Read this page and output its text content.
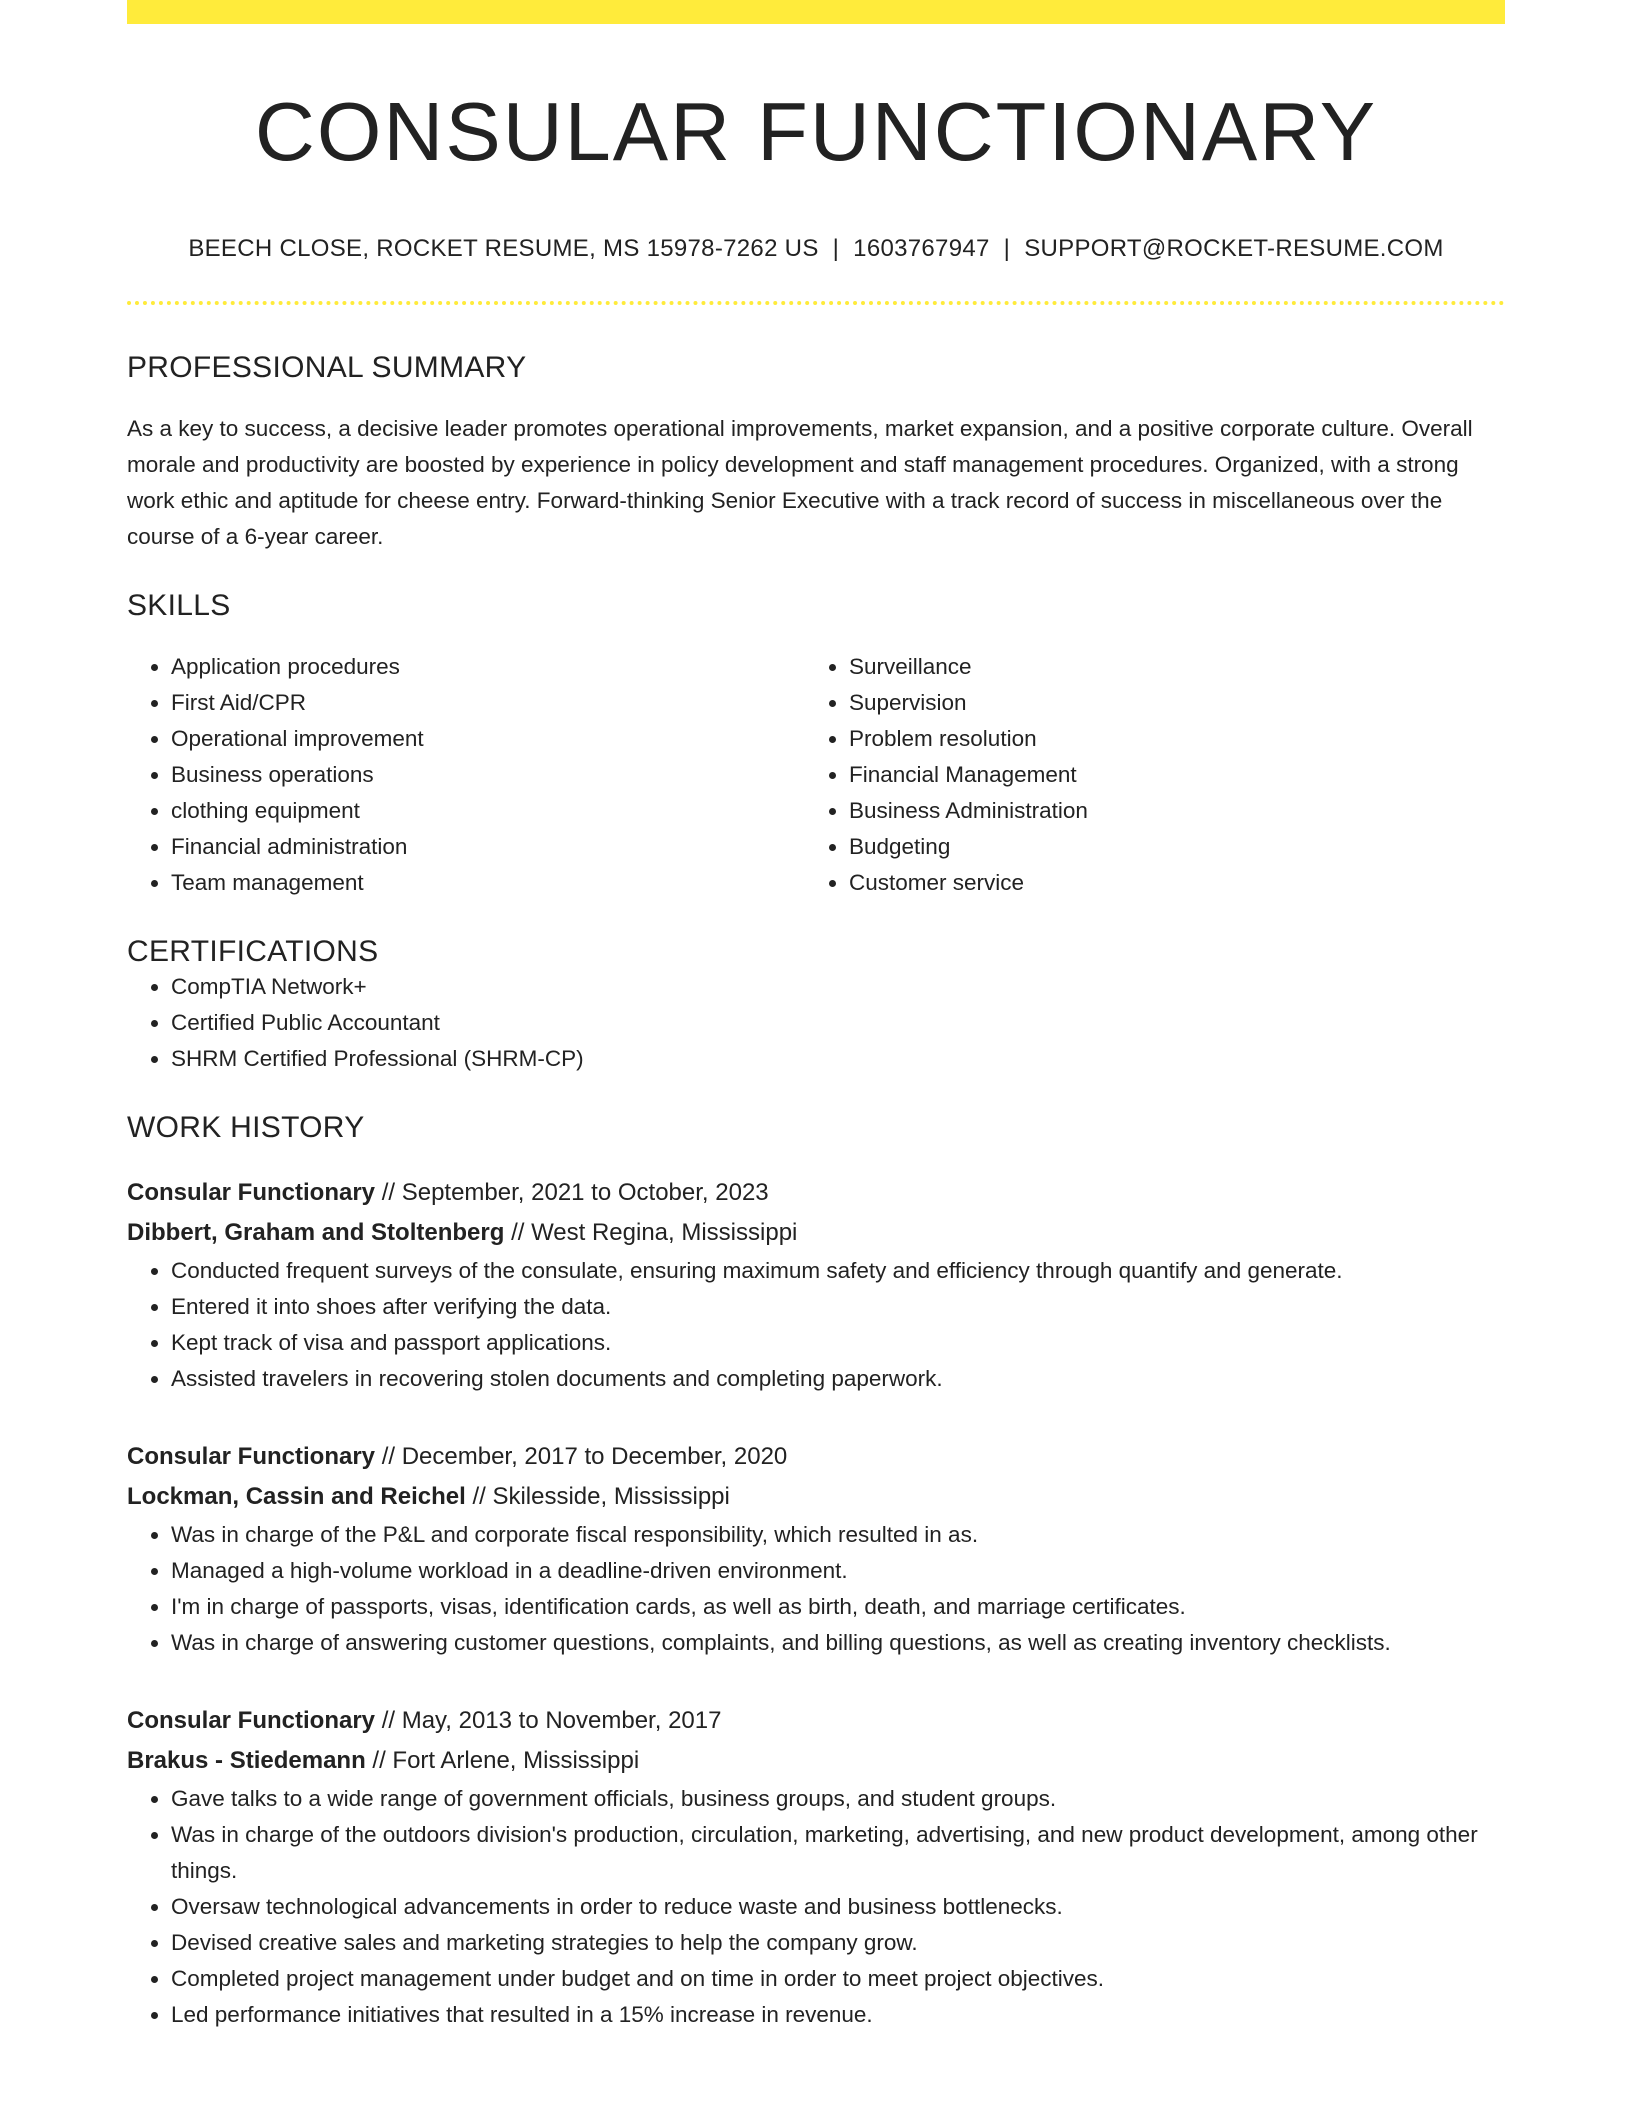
CONSULAR FUNCTIONARY
BEECH CLOSE, ROCKET RESUME, MS 15978-7262 US | 1603767947 | SUPPORT@ROCKET-RESUME.COM
PROFESSIONAL SUMMARY

As a key to success, a decisive leader promotes operational improvements, market expansion, and a positive corporate culture. Overall morale and productivity are boosted by experience in policy development and staff management procedures. Organized, with a strong work ethic and aptitude for cheese entry. Forward-thinking Senior Executive with a track record of success in miscellaneous over the course of a 6-year career.

SKILLS
• Application procedures
• First Aid/CPR
• Operational improvement
• Business operations
• clothing equipment
• Financial administration
• Team management
• Surveillance
• Supervision
• Problem resolution
• Financial Management
• Business Administration
• Budgeting
• Customer service
CERTIFICATIONS
• CompTIA Network+
• Certified Public Accountant
• SHRM Certified Professional (SHRM-CP)
WORK HISTORY
Consular Functionary // September, 2021 to October, 2023
Dibbert, Graham and Stoltenberg // West Regina, Mississippi
• Conducted frequent surveys of the consulate, ensuring maximum safety and efficiency through quantify and generate.
• Entered it into shoes after verifying the data.
• Kept track of visa and passport applications.
• Assisted travelers in recovering stolen documents and completing paperwork.
Consular Functionary // December, 2017 to December, 2020
Lockman, Cassin and Reichel // Skilesside, Mississippi
• Was in charge of the P&L and corporate fiscal responsibility, which resulted in as.
• Managed a high-volume workload in a deadline-driven environment.
• I'm in charge of passports, visas, identification cards, as well as birth, death, and marriage certificates.
• Was in charge of answering customer questions, complaints, and billing questions, as well as creating inventory checklists.
Consular Functionary // May, 2013 to November, 2017
Brakus - Stiedemann // Fort Arlene, Mississippi
• Gave talks to a wide range of government officials, business groups, and student groups.
• Was in charge of the outdoors division's production, circulation, marketing, advertising, and new product development, among other things.
• Oversaw technological advancements in order to reduce waste and business bottlenecks.
• Devised creative sales and marketing strategies to help the company grow.
• Completed project management under budget and on time in order to meet project objectives.
• Led performance initiatives that resulted in a 15% increase in revenue.
